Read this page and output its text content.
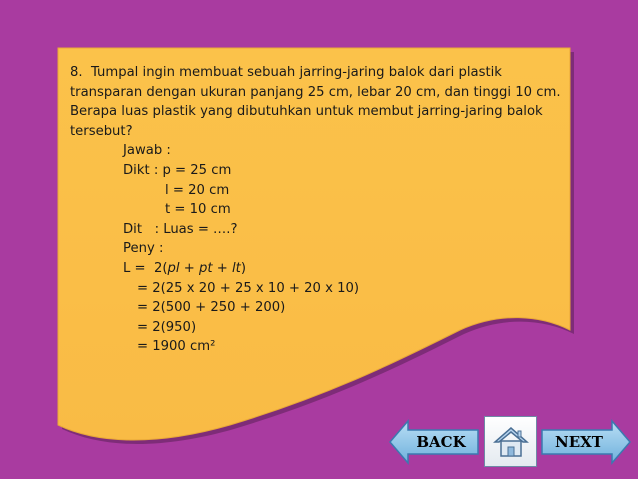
8.  Tumpal ingin membuat sebuah jarring-jaring balok dari plastik
transparan dengan ukuran panjang 25 cm, lebar 20 cm, dan tinggi 10 cm.
Berapa luas plastik yang dibutuhkan untuk membut jarring-jaring balok
tersebut?
Jawab :
Dikt : p = 25 cm
l = 20 cm
t = 10 cm
Dit   : Luas = ….?
Peny :
L =  2(pl + pt + lt)
= 2(25 x 20 + 25 x 10 + 20 x 10)
= 2(500 + 250 + 200)
= 2(950)
= 1900 cm²
BACK	NEXT
